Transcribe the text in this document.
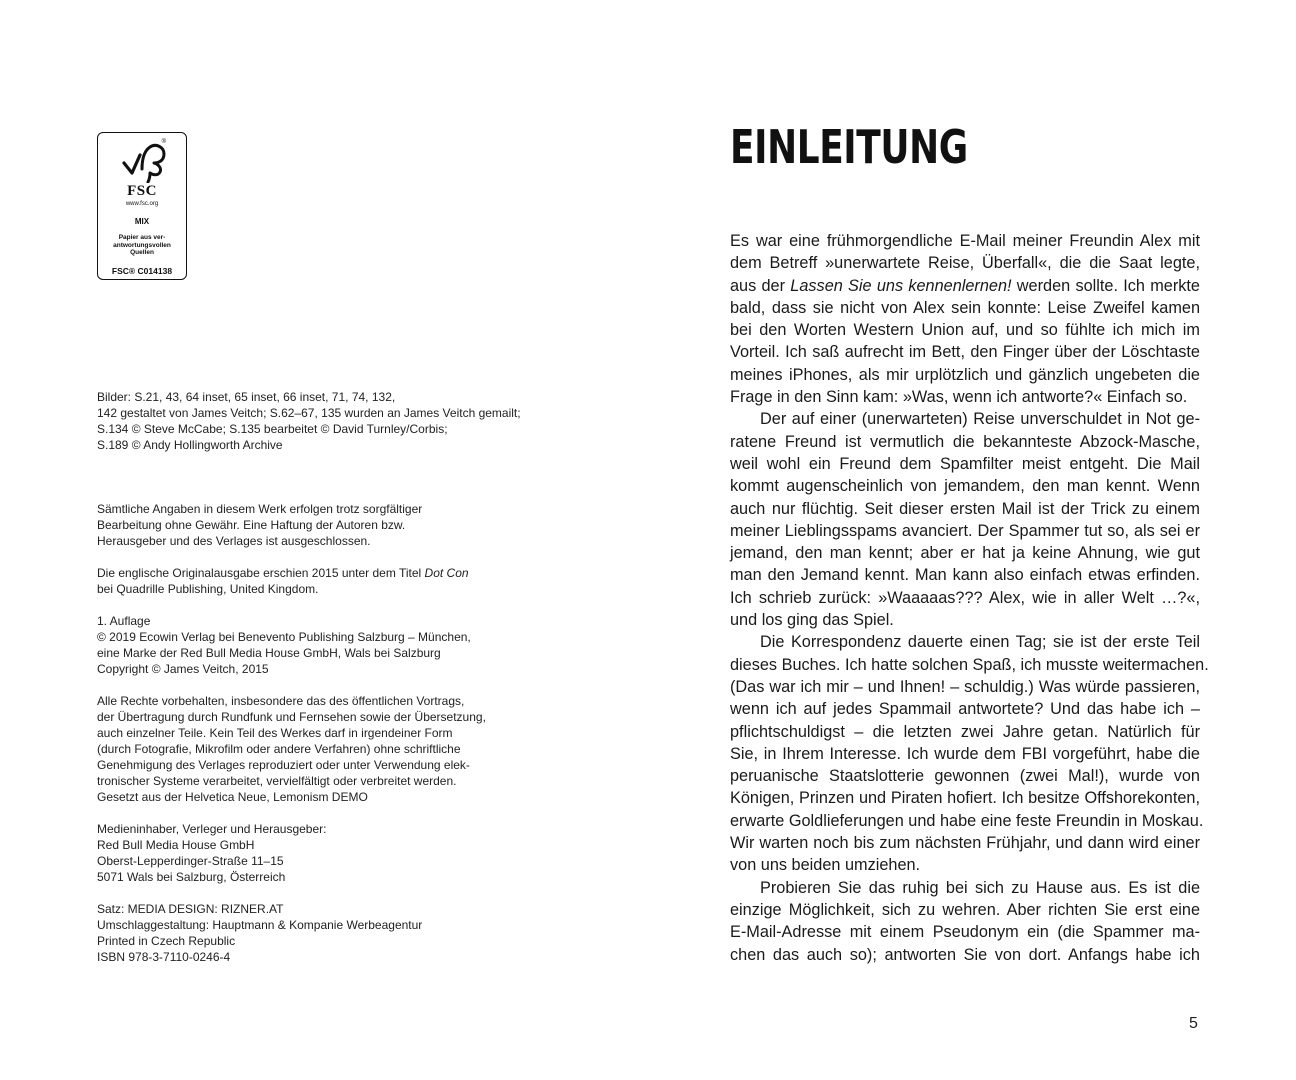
®
FSC
www.fsc.org
MIX
Papier aus ver-
antwortungsvollen
Quellen
FSC® C014138
Bilder: S.21, 43, 64 inset, 65 inset, 66 inset, 71, 74, 132,
142 gestaltet von James Veitch; S.62–67, 135 wurden an James Veitch gemailt;
S.134 © Steve McCabe; S.135 bearbeitet © David Turnley/Corbis;
S.189 © Andy Hollingworth Archive
Sämtliche Angaben in diesem Werk erfolgen trotz sorgfältiger
Bearbeitung ohne Gewähr. Eine Haftung der Autoren bzw.
Herausgeber und des Verlages ist ausgeschlossen.
Die englische Originalausgabe erschien 2015 unter dem Titel Dot Con
bei Quadrille Publishing, United Kingdom.
1. Auflage
© 2019 Ecowin Verlag bei Benevento Publishing Salzburg – München,
eine Marke der Red Bull Media House GmbH, Wals bei Salzburg
Copyright © James Veitch, 2015
Alle Rechte vorbehalten, insbesondere das des öffentlichen Vortrags,
der Übertragung durch Rundfunk und Fernsehen sowie der Übersetzung,
auch einzelner Teile. Kein Teil des Werkes darf in irgendeiner Form
(durch Fotografie, Mikrofilm oder andere Verfahren) ohne schriftliche
Genehmigung des Verlages reproduziert oder unter Verwendung elek-
tronischer Systeme verarbeitet, vervielfältigt oder verbreitet werden.
Gesetzt aus der Helvetica Neue, Lemonism DEMO
Medieninhaber, Verleger und Herausgeber:
Red Bull Media House GmbH
Oberst-Lepperdinger-Straße 11–15
5071 Wals bei Salzburg, Österreich
Satz: MEDIA DESIGN: RIZNER.AT
Umschlaggestaltung: Hauptmann & Kompanie Werbeagentur
Printed in Czech Republic
ISBN 978-3-7110-0246-4
EINLEITUNG
Es war eine frühmorgendliche E-Mail meiner Freundin Alex mit
dem Betreff »unerwartete Reise, Überfall«, die die Saat legte,
aus der Lassen Sie uns kennenlernen! werden sollte. Ich merkte
bald, dass sie nicht von Alex sein konnte: Leise Zweifel kamen
bei den Worten Western Union auf, und so fühlte ich mich im
Vorteil. Ich saß aufrecht im Bett, den Finger über der Löschtaste
meines iPhones, als mir urplötzlich und gänzlich ungebeten die
Frage in den Sinn kam: »Was, wenn ich antworte?« Einfach so.
Der auf einer (unerwarteten) Reise unverschuldet in Not ge-
ratene Freund ist vermutlich die bekannteste Abzock-Masche,
weil wohl ein Freund dem Spamfilter meist entgeht. Die Mail
kommt augenscheinlich von jemandem, den man kennt. Wenn
auch nur flüchtig. Seit dieser ersten Mail ist der Trick zu einem
meiner Lieblingsspams avanciert. Der Spammer tut so, als sei er
jemand, den man kennt; aber er hat ja keine Ahnung, wie gut
man den Jemand kennt. Man kann also einfach etwas erfinden.
Ich schrieb zurück: »Waaaaas??? Alex, wie in aller Welt …?«,
und los ging das Spiel.
Die Korrespondenz dauerte einen Tag; sie ist der erste Teil
dieses Buches. Ich hatte solchen Spaß, ich musste weitermachen.
(Das war ich mir – und Ihnen! – schuldig.) Was würde passieren,
wenn ich auf jedes Spammail antwortete? Und das habe ich –
pflichtschuldigst – die letzten zwei Jahre getan. Natürlich für
Sie, in Ihrem Interesse. Ich wurde dem FBI vorgeführt, habe die
peruanische Staatslotterie gewonnen (zwei Mal!), wurde von
Königen, Prinzen und Piraten hofiert. Ich besitze Offshorekonten,
erwarte Goldlieferungen und habe eine feste Freundin in Moskau.
Wir warten noch bis zum nächsten Frühjahr, und dann wird einer
von uns beiden umziehen.
Probieren Sie das ruhig bei sich zu Hause aus. Es ist die
einzige Möglichkeit, sich zu wehren. Aber richten Sie erst eine
E-Mail-Adresse mit einem Pseudonym ein (die Spammer ma-
chen das auch so); antworten Sie von dort. Anfangs habe ich
5
